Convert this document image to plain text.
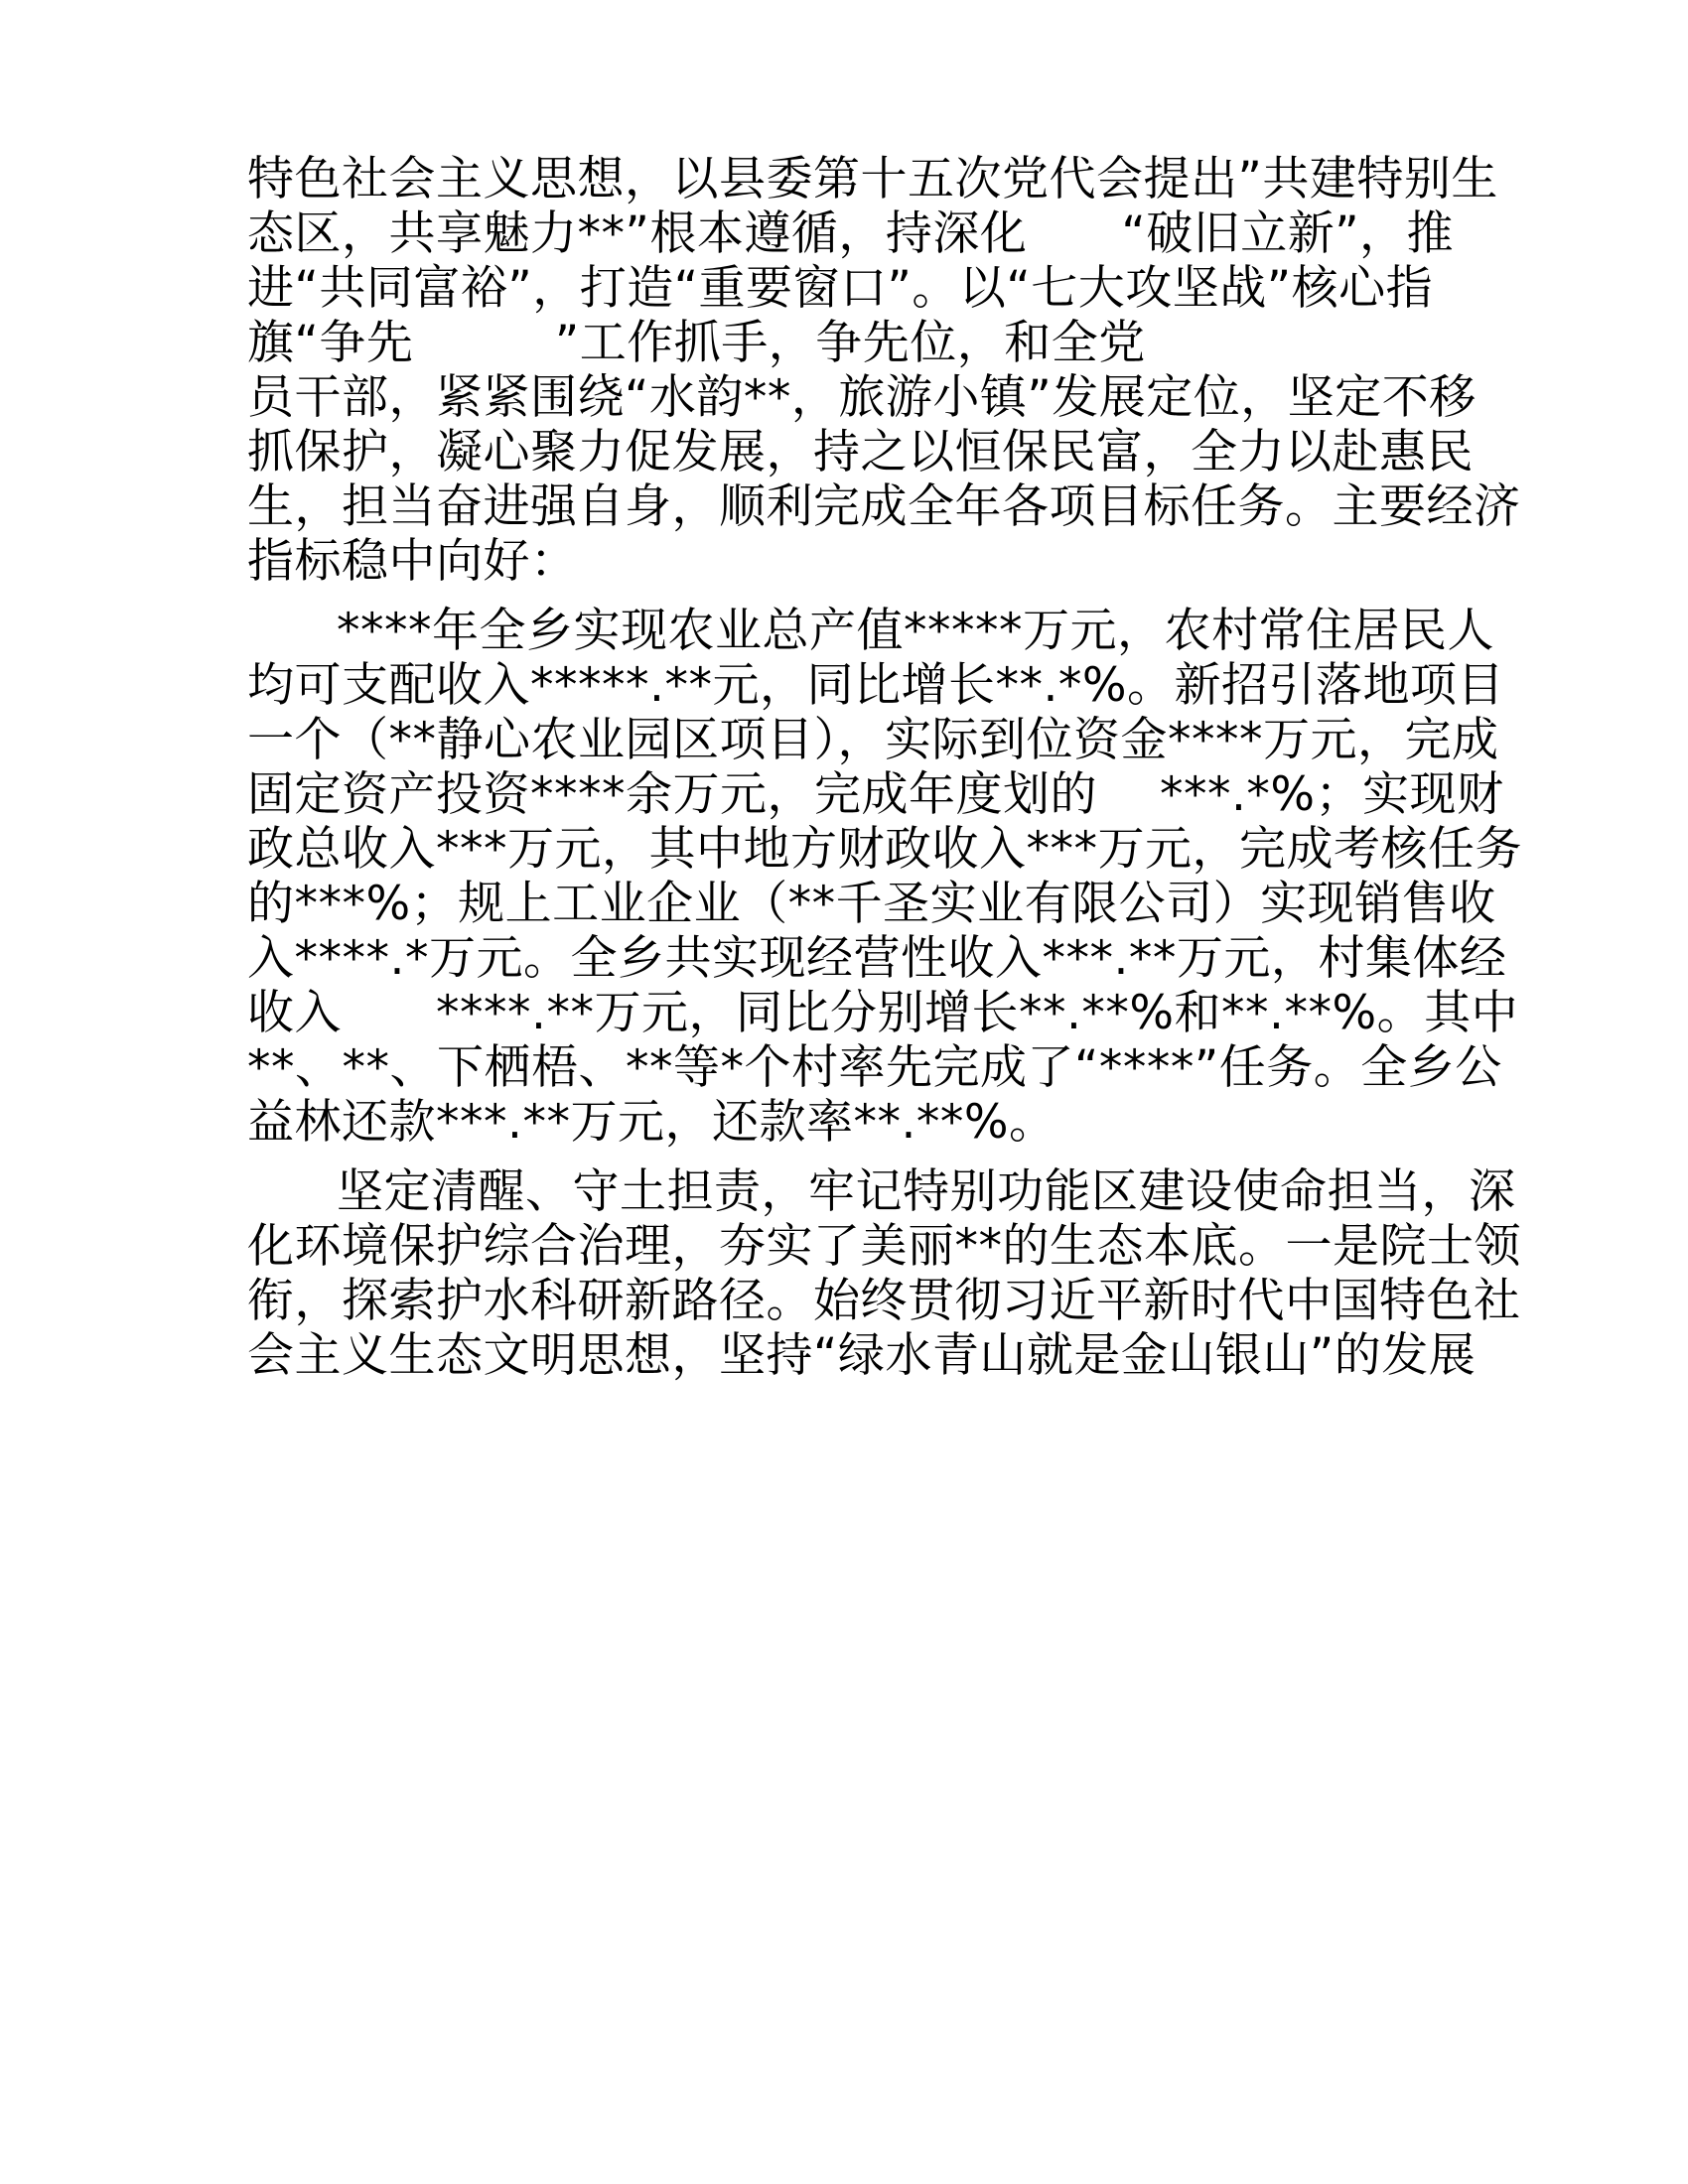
特色社会主义思想，以县委第十五次党代会提出”共建特别生

态区，共享魅力**”根本遵循，持深化　　“破旧立新”，推

进“共同富裕”，打造“重要窗口”。以“七大攻坚战”核心指

旗“争先　　　”工作抓手，争先位，和全党

员干部，紧紧围绕“水韵**，旅游小镇”发展定位，坚定不移

抓保护，凝心聚力促发展，持之以恒保民富，全力以赴惠民

生，担当奋进强自身，顺利完成全年各项目标任务。主要经济

指标稳中向好：

****年全乡实现农业总产值*****万元，农村常住居民人

均可支配收入*****.**元，同比增长**.*%。新招引落地项目

一个（**静心农业园区项目），实际到位资金****万元，完成

固定资产投资****余万元，完成年度划的　 ***.*%；实现财

政总收入***万元，其中地方财政收入***万元，完成考核任务

的***%；规上工业企业（**千圣实业有限公司）实现销售收

入****.*万元。全乡共实现经营性收入***.**万元，村集体经

收入　　****.**万元，同比分别增长**.**%和**.**%。其中

**、**、下栖梧、**等*个村率先完成了“****”任务。全乡公

益林还款***.**万元，还款率**.**%。

坚定清醒、守土担责，牢记特别功能区建设使命担当，深

化环境保护综合治理，夯实了美丽**的生态本底。一是院士领

衔，探索护水科研新路径。始终贯彻习近平新时代中国特色社

会主义生态文明思想，坚持“绿水青山就是金山银山”的发展
